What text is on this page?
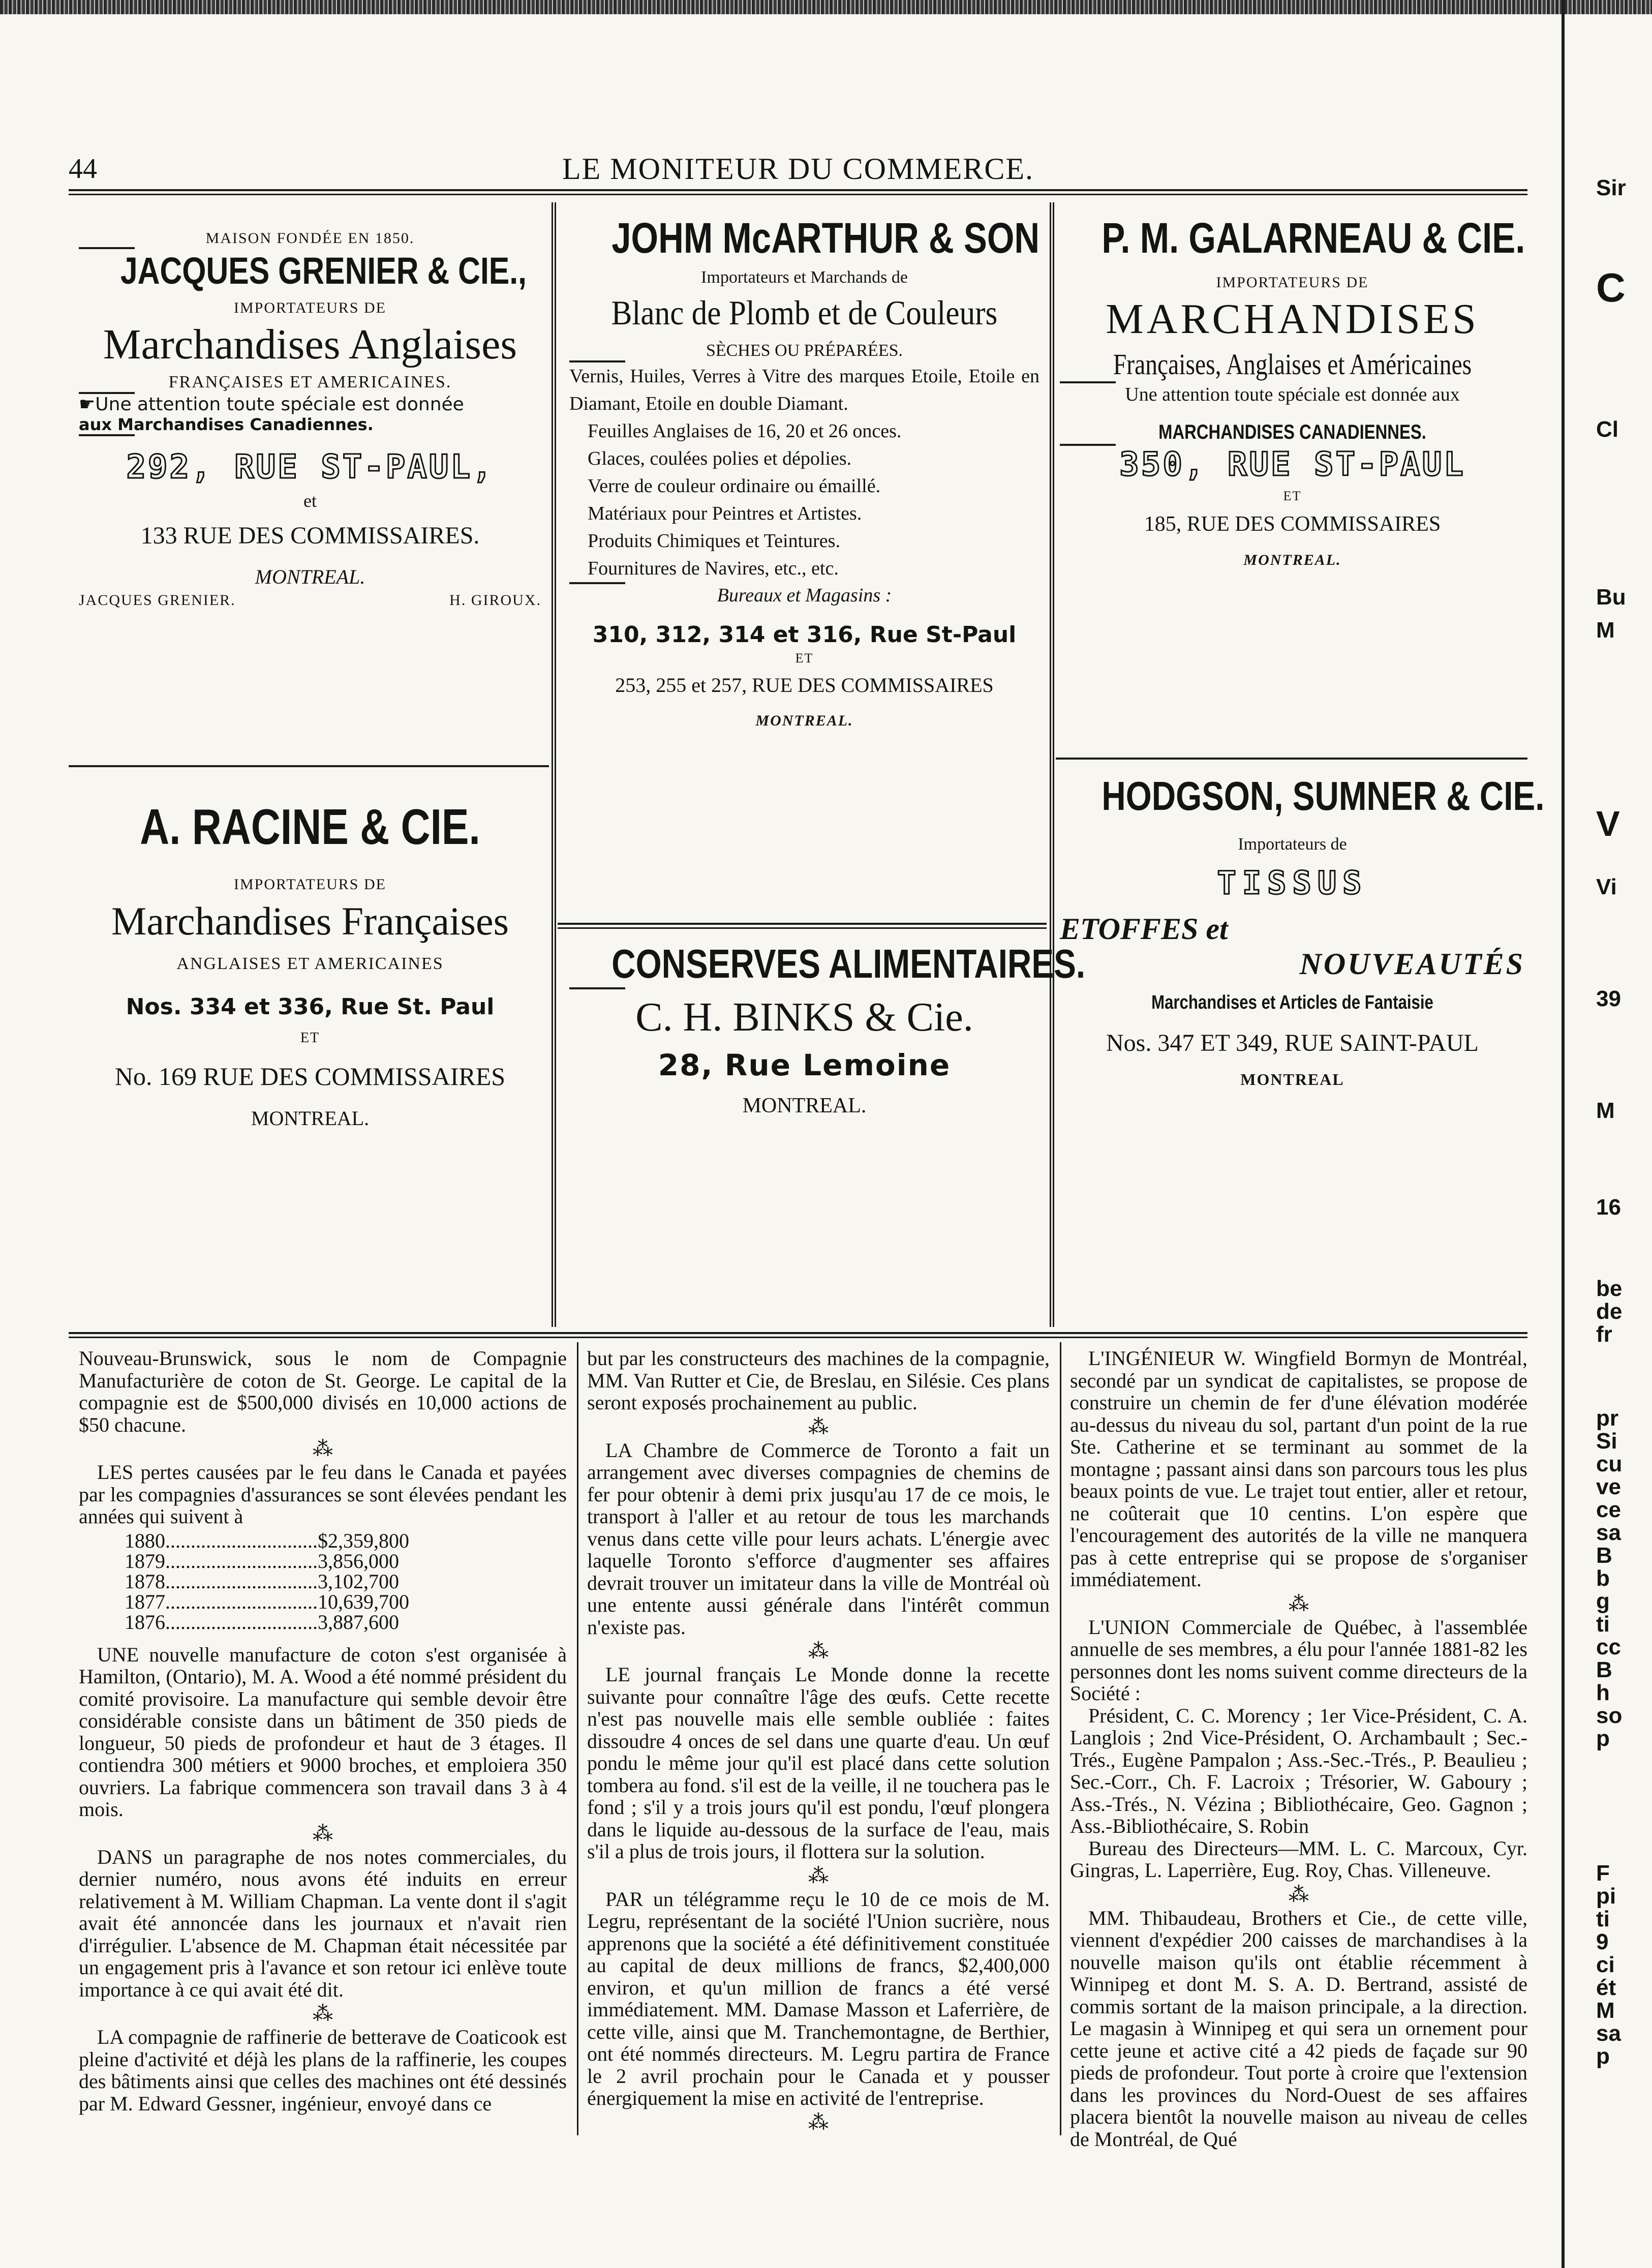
Sir
C
Cl
Bu
M
V
Vi
39
M
16
be
de
fr
pr
Si
cu
ve
ce
sa
B
b
g
ti
cc
B
h
so
p
F
pi
ti
9
ci
ét
M
sa
p
44	LE MONITEUR DU COMMERCE.
MAISON FONDÉE EN 1850.
JACQUES GRENIER & CIE.,
IMPORTATEURS DE
Marchandises Anglaises
FRANÇAISES ET AMERICAINES.
☛Une attention toute spéciale est donnée
aux Marchandises Canadiennes.
292, RUE ST-PAUL,
et
133 RUE DES COMMISSAIRES.
MONTREAL.
JACQUES GRENIER.	H. GIROUX.
A. RACINE & CIE.
IMPORTATEURS DE
Marchandises Françaises
ANGLAISES ET AMERICAINES
Nos. 334 et 336, Rue St. Paul
ET
No. 169 RUE DES COMMISSAIRES
MONTREAL.
JOHM McARTHUR & SON
Importateurs et Marchands de
Blanc de Plomb et de Couleurs
SÈCHES OU PRÉPARÉES.
Vernis, Huiles, Verres à Vitre des marques Etoile, Etoile en Diamant, Etoile en double Diamant.
Feuilles Anglaises de 16, 20 et 26 onces.
Glaces, coulées polies et dépolies.
Verre de couleur ordinaire ou émaillé.
Matériaux pour Peintres et Artistes.
Produits Chimiques et Teintures.
Fournitures de Navires, etc., etc.
Bureaux et Magasins :
310, 312, 314 et 316, Rue St-Paul
ET
253, 255 et 257, RUE DES COMMISSAIRES
MONTREAL.
CONSERVES ALIMENTAIRES.
C. H. BINKS & Cie.
28, Rue Lemoine
MONTREAL.
P. M. GALARNEAU & CIE.
IMPORTATEURS DE
MARCHANDISES
Françaises, Anglaises et Américaines
Une attention toute spéciale est donnée aux
MARCHANDISES CANADIENNES.
350, RUE ST-PAUL
ET
185, RUE DES COMMISSAIRES
MONTREAL.
HODGSON, SUMNER & CIE.
Importateurs de
TISSUS
ETOFFES et
NOUVEAUTÉS
Marchandises et Articles de Fantaisie
Nos. 347 ET 349, RUE SAINT-PAUL
MONTREAL

Nouveau-Brunswick, sous le nom de Compagnie Manufacturière de coton de St. George. Le capital de la compagnie est de $500,000 divisés en 10,000 actions de $50 chacune.

⁂

LES pertes causées par le feu dans le Canada et payées par les compagnies d'assurances se sont élevées pendant les années qui suivent à

1880.............................. $2,359,800
1879.............................. 3,856,000
1878.............................. 3,102,700
1877.............................. 10,639,700
1876.............................. 3,887,600

UNE nouvelle manufacture de coton s'est organisée à Hamilton, (Ontario), M. A. Wood a été nommé président du comité provisoire. La manufacture qui semble devoir être considérable consiste dans un bâtiment de 350 pieds de longueur, 50 pieds de profondeur et haut de 3 étages. Il contiendra 300 métiers et 9000 broches, et emploiera 350 ouvriers. La fabrique commencera son travail dans 3 à 4 mois.

⁂

DANS un paragraphe de nos notes commerciales, du dernier numéro, nous avons été induits en erreur relativement à M. William Chapman. La vente dont il s'agit avait été annoncée dans les journaux et n'avait rien d'irrégulier. L'absence de M. Chapman était nécessitée par un engagement pris à l'avance et son retour ici enlève toute importance à ce qui avait été dit.

⁂

LA compagnie de raffinerie de betterave de Coaticook est pleine d'activité et déjà les plans de la raffinerie, les coupes des bâtiments ainsi que celles des machines ont été dessinés par M. Edward Gessner, ingénieur, envoyé dans ce

but par les constructeurs des machines de la compagnie, MM. Van Rutter et Cie, de Breslau, en Silésie. Ces plans seront exposés prochainement au public.

⁂

LA Chambre de Commerce de Toronto a fait un arrangement avec diverses compagnies de chemins de fer pour obtenir à demi prix jusqu'au 17 de ce mois, le transport à l'aller et au retour de tous les marchands venus dans cette ville pour leurs achats. L'énergie avec laquelle Toronto s'efforce d'augmenter ses affaires devrait trouver un imitateur dans la ville de Montréal où une entente aussi générale dans l'intérêt commun n'existe pas.

⁂

LE journal français Le Monde donne la recette suivante pour connaître l'âge des œufs. Cette recette n'est pas nouvelle mais elle semble oubliée : faites dissoudre 4 onces de sel dans une quarte d'eau. Un œuf pondu le même jour qu'il est placé dans cette solution tombera au fond. s'il est de la veille, il ne touchera pas le fond ; s'il y a trois jours qu'il est pondu, l'œuf plongera dans le liquide au-dessous de la surface de l'eau, mais s'il a plus de trois jours, il flottera sur la solution.

⁂

PAR un télégramme reçu le 10 de ce mois de M. Legru, représentant de la société l'Union sucrière, nous apprenons que la société a été définitivement constituée au capital de deux millions de francs, $2,400,000 environ, et qu'un million de francs a été versé immédiatement. MM. Damase Masson et Laferrière, de cette ville, ainsi que M. Tranchemontagne, de Berthier, ont été nommés directeurs. M. Legru partira de France le 2 avril prochain pour le Canada et y pousser énergiquement la mise en activité de l'entreprise.

⁂

L'INGÉNIEUR W. Wingfield Bormyn de Montréal, secondé par un syndicat de capitalistes, se propose de construire un chemin de fer d'une élévation modérée au-dessus du niveau du sol, partant d'un point de la rue Ste. Catherine et se terminant au sommet de la montagne ; passant ainsi dans son parcours tous les plus beaux points de vue. Le trajet tout entier, aller et retour, ne coûterait que 10 centins. L'on espère que l'encouragement des autorités de la ville ne manquera pas à cette entreprise qui se propose de s'organiser immédiatement.

⁂

L'UNION Commerciale de Québec, à l'assemblée annuelle de ses membres, a élu pour l'année 1881-82 les personnes dont les noms suivent comme directeurs de la Société :

Président, C. C. Morency ; 1er Vice-Président, C. A. Langlois ; 2nd Vice-Président, O. Archambault ; Sec.-Trés., Eugène Pampalon ; Ass.-Sec.-Trés., P. Beaulieu ; Sec.-Corr., Ch. F. Lacroix ; Trésorier, W. Gaboury ; Ass.-Trés., N. Vézina ; Bibliothécaire, Geo. Gagnon ; Ass.-Bibliothécaire, S. Robin

Bureau des Directeurs—MM. L. C. Marcoux, Cyr. Gingras, L. Laperrière, Eug. Roy, Chas. Villeneuve.

⁂

MM. Thibaudeau, Brothers et Cie., de cette ville, viennent d'expédier 200 caisses de marchandises à la nouvelle maison qu'ils ont établie récemment à Winnipeg et dont M. S. A. D. Bertrand, assisté de commis sortant de la maison principale, a la direction. Le magasin à Winnipeg et qui sera un ornement pour cette jeune et active cité a 42 pieds de façade sur 90 pieds de profondeur. Tout porte à croire que l'extension dans les provinces du Nord-Ouest de ses affaires placera bientôt la nouvelle maison au niveau de celles de Montréal, de Qué
